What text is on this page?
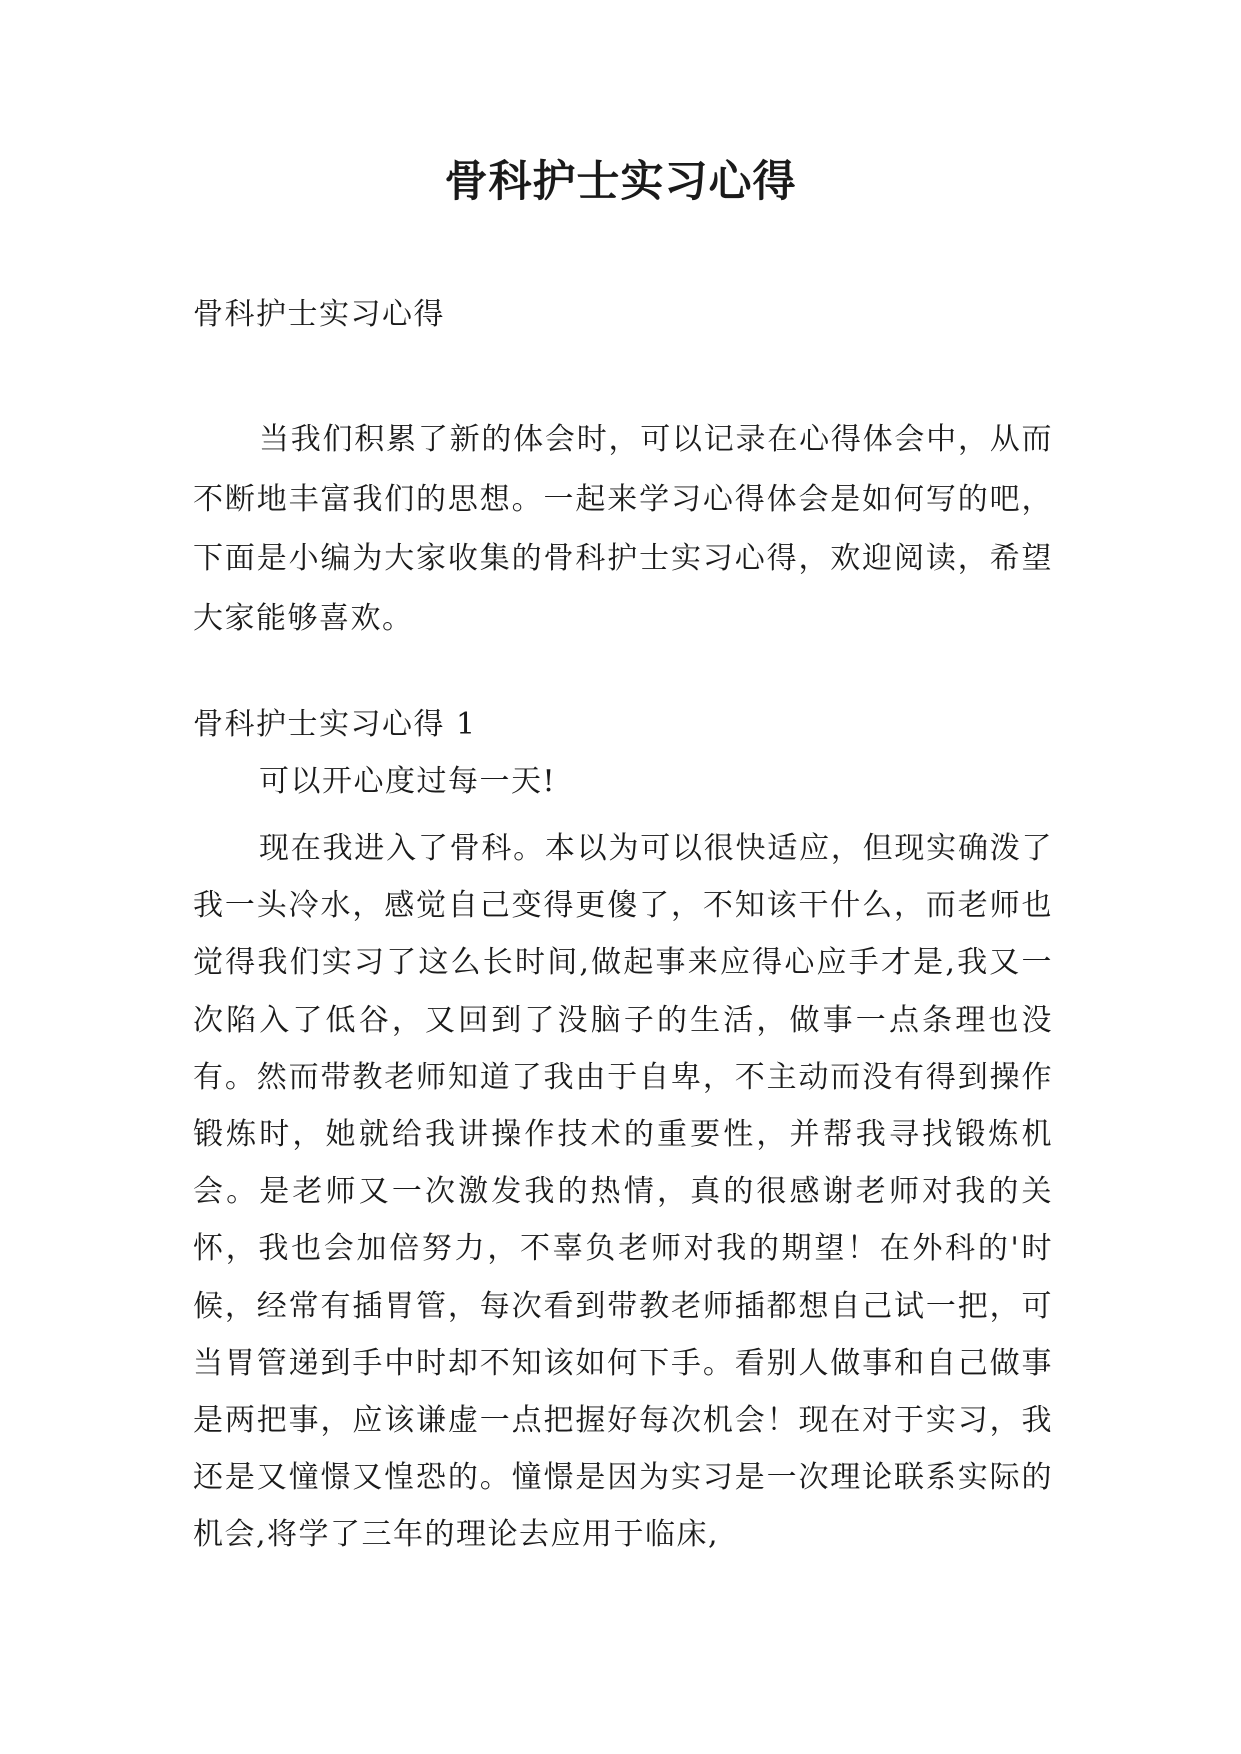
骨科护士实习心得

骨科护士实习心得

当我们积累了新的体会时，可以记录在心得体会中，从而不断地丰富我们的思想。一起来学习心得体会是如何写的吧，下面是小编为大家收集的骨科护士实习心得，欢迎阅读，希望大家能够喜欢。

骨科护士实习心得 1

可以开心度过每一天!

现在我进入了骨科。本以为可以很快适应，但现实确泼了我一头冷水，感觉自己变得更傻了，不知该干什么，而老师也觉得我们实习了这么长时间,做起事来应得心应手才是,我又一次陷入了低谷，又回到了没脑子的生活，做事一点条理也没有。然而带教老师知道了我由于自卑，不主动而没有得到操作锻炼时，她就给我讲操作技术的重要性，并帮我寻找锻炼机会。是老师又一次激发我的热情，真的很感谢老师对我的关怀，我也会加倍努力，不辜负老师对我的期望！在外科的'时候，经常有插胃管，每次看到带教老师插都想自己试一把，可当胃管递到手中时却不知该如何下手。看别人做事和自己做事是两把事，应该谦虚一点把握好每次机会！现在对于实习，我还是又憧憬又惶恐的。憧憬是因为实习是一次理论联系实际的机会,将学了三年的理论去应用于临床,
